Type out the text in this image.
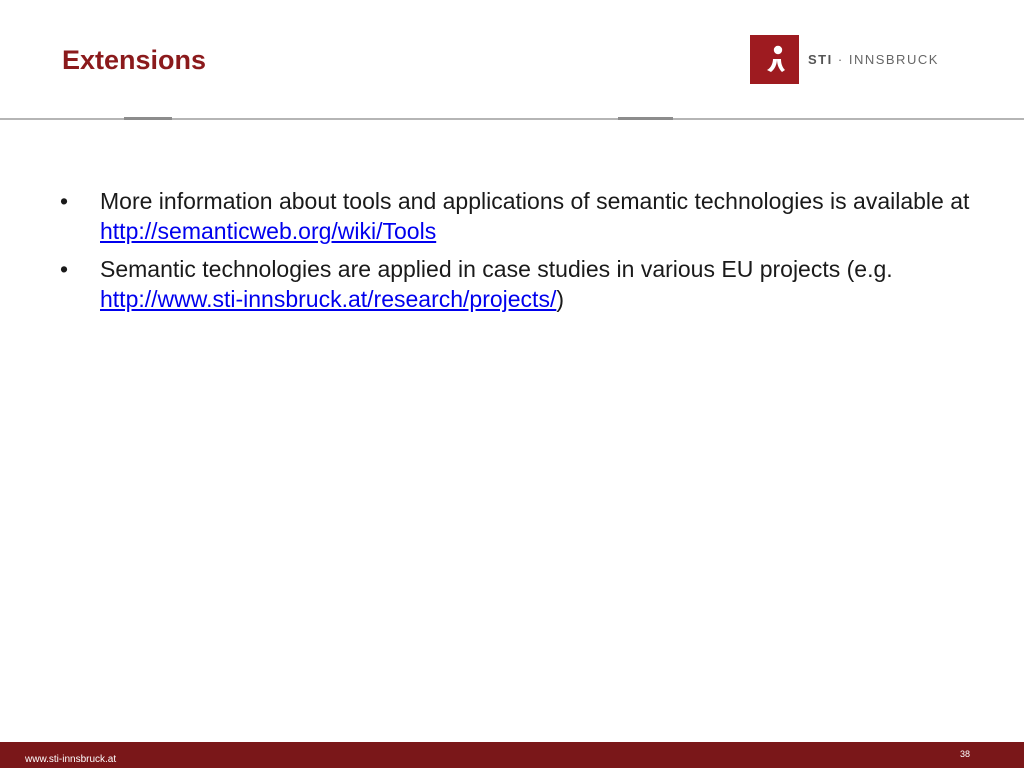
Extensions	STI · INNSBRUCK
• More information about tools and applications of semantic technologies is available at http://semanticweb.org/wiki/Tools
• Semantic technologies are applied in case studies in various EU projects (e.g. http://www.sti-innsbruck.at/research/projects/)
www.sti-innsbruck.at	38
